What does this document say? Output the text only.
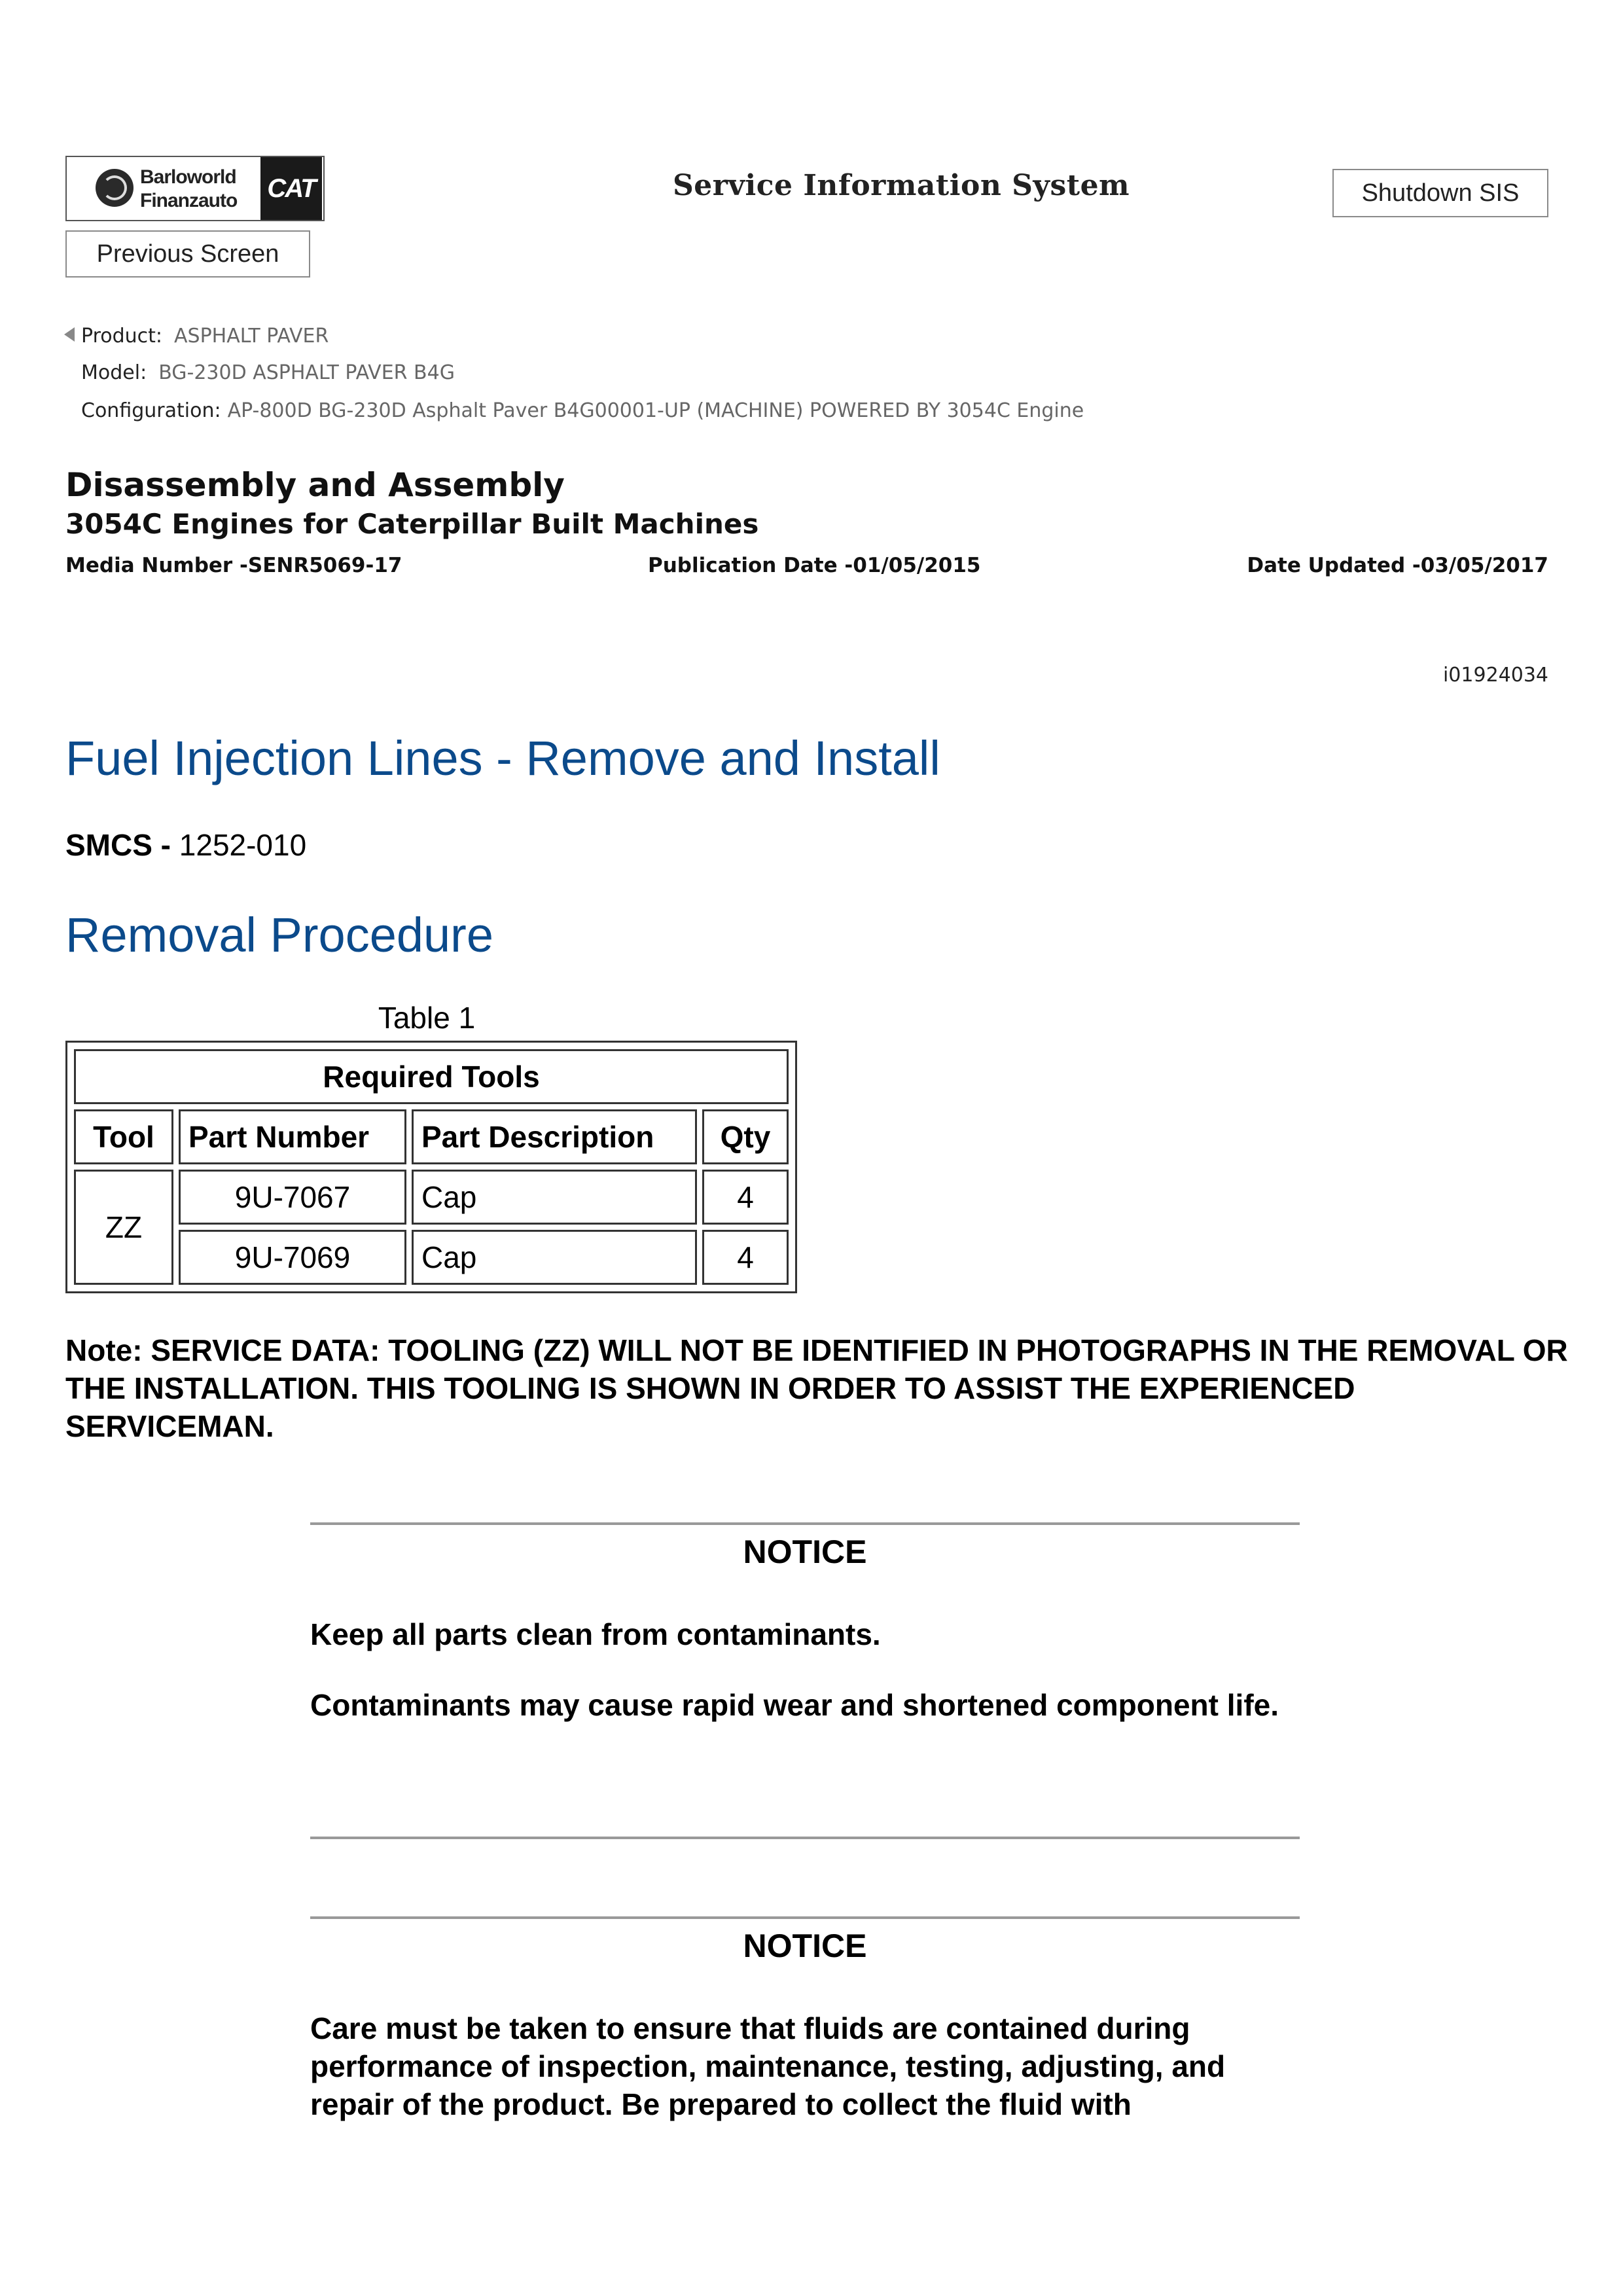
Barloworld
Finanzauto CAT	Service Information System
Previous Screen
Shutdown SIS
Product: ASPHALT PAVER
Model: BG-230D ASPHALT PAVER B4G
Configuration: AP-800D BG-230D Asphalt Paver B4G00001-UP (MACHINE) POWERED BY 3054C Engine
Disassembly and Assembly
3054C Engines for Caterpillar Built Machines
Media Number -SENR5069-17	Publication Date -01/05/2015	Date Updated -03/05/2017
i01924034
Fuel Injection Lines - Remove and Install
SMCS - 1252-010
Removal Procedure
Table 1
Required Tools			
Tool	Part Number	Part Description	Qty
ZZ	9U-7067	Cap	4
	9U-7069	Cap	4
Note: SERVICE DATA: TOOLING (ZZ) WILL NOT BE IDENTIFIED IN PHOTOGRAPHS IN THE REMOVAL OR THE INSTALLATION. THIS TOOLING IS SHOWN IN ORDER TO ASSIST THE EXPERIENCED SERVICEMAN.
NOTICE
Keep all parts clean from contaminants.
Contaminants may cause rapid wear and shortened component life.
NOTICE
Care must be taken to ensure that fluids are contained during performance of inspection, maintenance, testing, adjusting, and repair of the product. Be prepared to collect the fluid with
